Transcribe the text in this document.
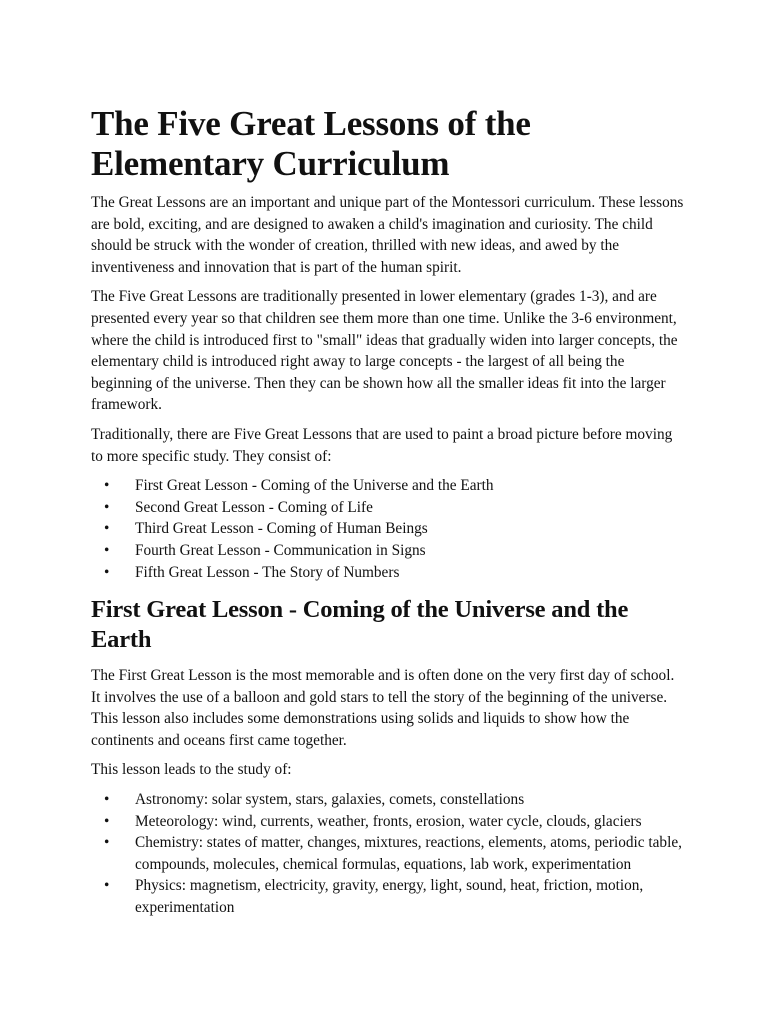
The Five Great Lessons of the Elementary Curriculum

The Great Lessons are an important and unique part of the Montessori curriculum. These lessons are bold, exciting, and are designed to awaken a child's imagination and curiosity. The child should be struck with the wonder of creation, thrilled with new ideas, and awed by the inventiveness and innovation that is part of the human spirit.

The Five Great Lessons are traditionally presented in lower elementary (grades 1-3), and are presented every year so that children see them more than one time. Unlike the 3-6 environment, where the child is introduced first to "small" ideas that gradually widen into larger concepts, the elementary child is introduced right away to large concepts - the largest of all being the beginning of the universe. Then they can be shown how all the smaller ideas fit into the larger framework.

Traditionally, there are Five Great Lessons that are used to paint a broad picture before moving to more specific study. They consist of:

• First Great Lesson - Coming of the Universe and the Earth
• Second Great Lesson - Coming of Life
• Third Great Lesson - Coming of Human Beings
• Fourth Great Lesson - Communication in Signs
• Fifth Great Lesson - The Story of Numbers
First Great Lesson - Coming of the Universe and the Earth

The First Great Lesson is the most memorable and is often done on the very first day of school. It involves the use of a balloon and gold stars to tell the story of the beginning of the universe. This lesson also includes some demonstrations using solids and liquids to show how the continents and oceans first came together.

This lesson leads to the study of:

• Astronomy: solar system, stars, galaxies, comets, constellations
• Meteorology: wind, currents, weather, fronts, erosion, water cycle, clouds, glaciers
• Chemistry: states of matter, changes, mixtures, reactions, elements, atoms, periodic table, compounds, molecules, chemical formulas, equations, lab work, experimentation
• Physics: magnetism, electricity, gravity, energy, light, sound, heat, friction, motion, experimentation
